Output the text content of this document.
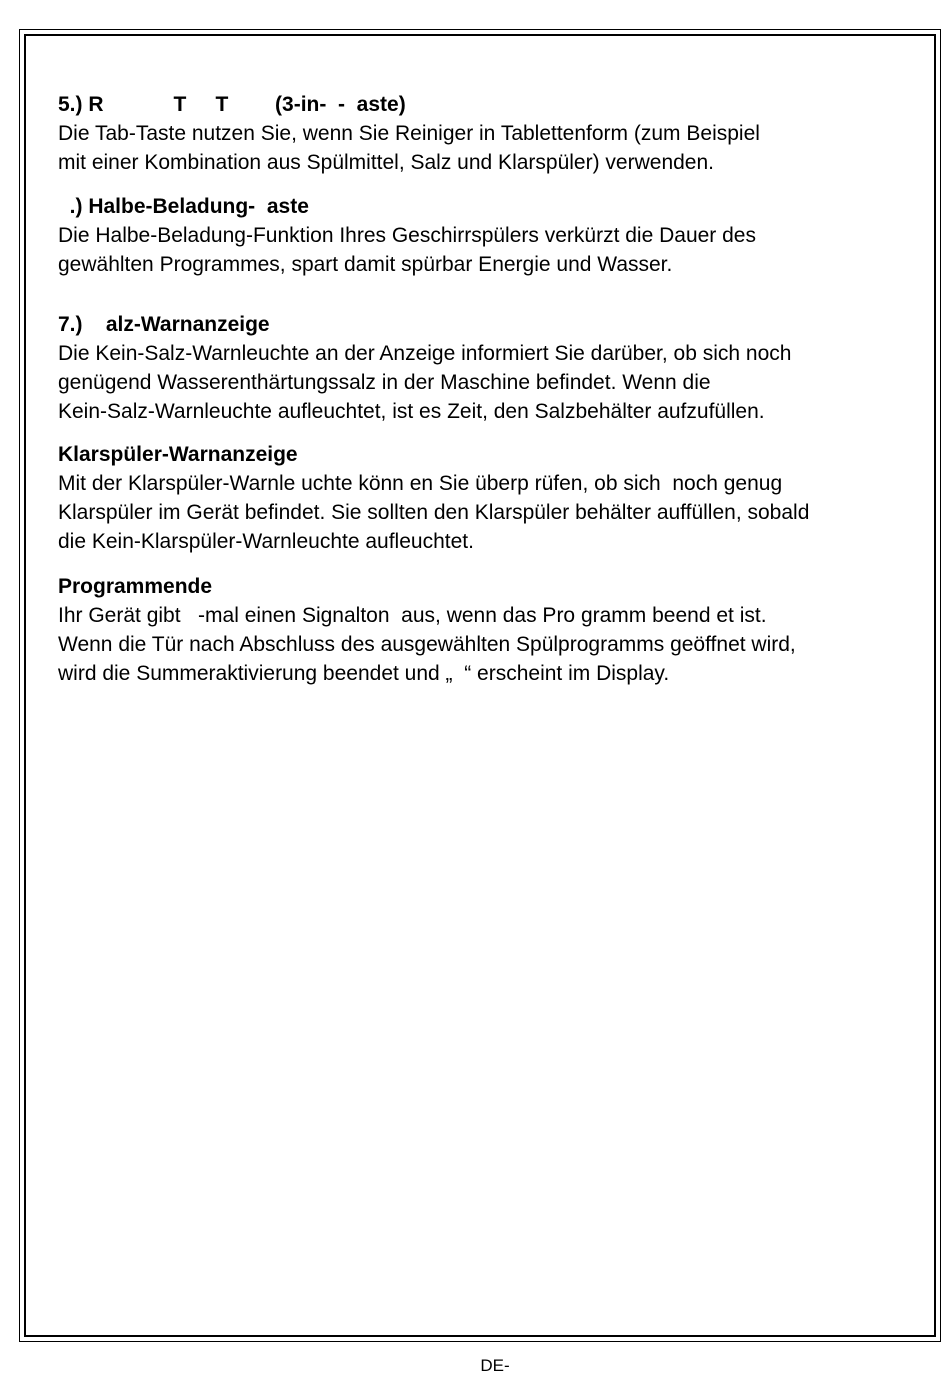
5.) R            T     T        (3-in-  -  aste)
Die Tab-Taste nutzen Sie, wenn Sie Reiniger in Tablettenform (zum Beispiel
mit einer Kombination aus Spülmittel, Salz und Klarspüler) verwenden.
.) Halbe-Beladung-  aste
Die Halbe-Beladung-Funktion Ihres Geschirrspülers verkürzt die Dauer des
gewählten Programmes, spart damit spürbar Energie und Wasser.
7.)    alz-Warnanzeige
Die Kein-Salz-Warnleuchte an der Anzeige informiert Sie darüber, ob sich noch
genügend Wasserenthärtungssalz in der Maschine befindet. Wenn die
Kein-Salz-Warnleuchte aufleuchtet, ist es Zeit, den Salzbehälter aufzufüllen.
Klarspüler-Warnanzeige
Mit der Klarspüler-Warnle uchte könn en Sie überp rüfen, ob sich  noch genug
Klarspüler im Gerät befindet. Sie sollten den Klarspüler behälter auffüllen, sobald
die Kein-Klarspüler-Warnleuchte aufleuchtet.
Programmende
Ihr Gerät gibt   -mal einen Signalton  aus, wenn das Pro gramm beend et ist.
Wenn die Tür nach Abschluss des ausgewählten Spülprogramms geöffnet wird,
wird die Summeraktivierung beendet und „  “ erscheint im Display.
DE-
